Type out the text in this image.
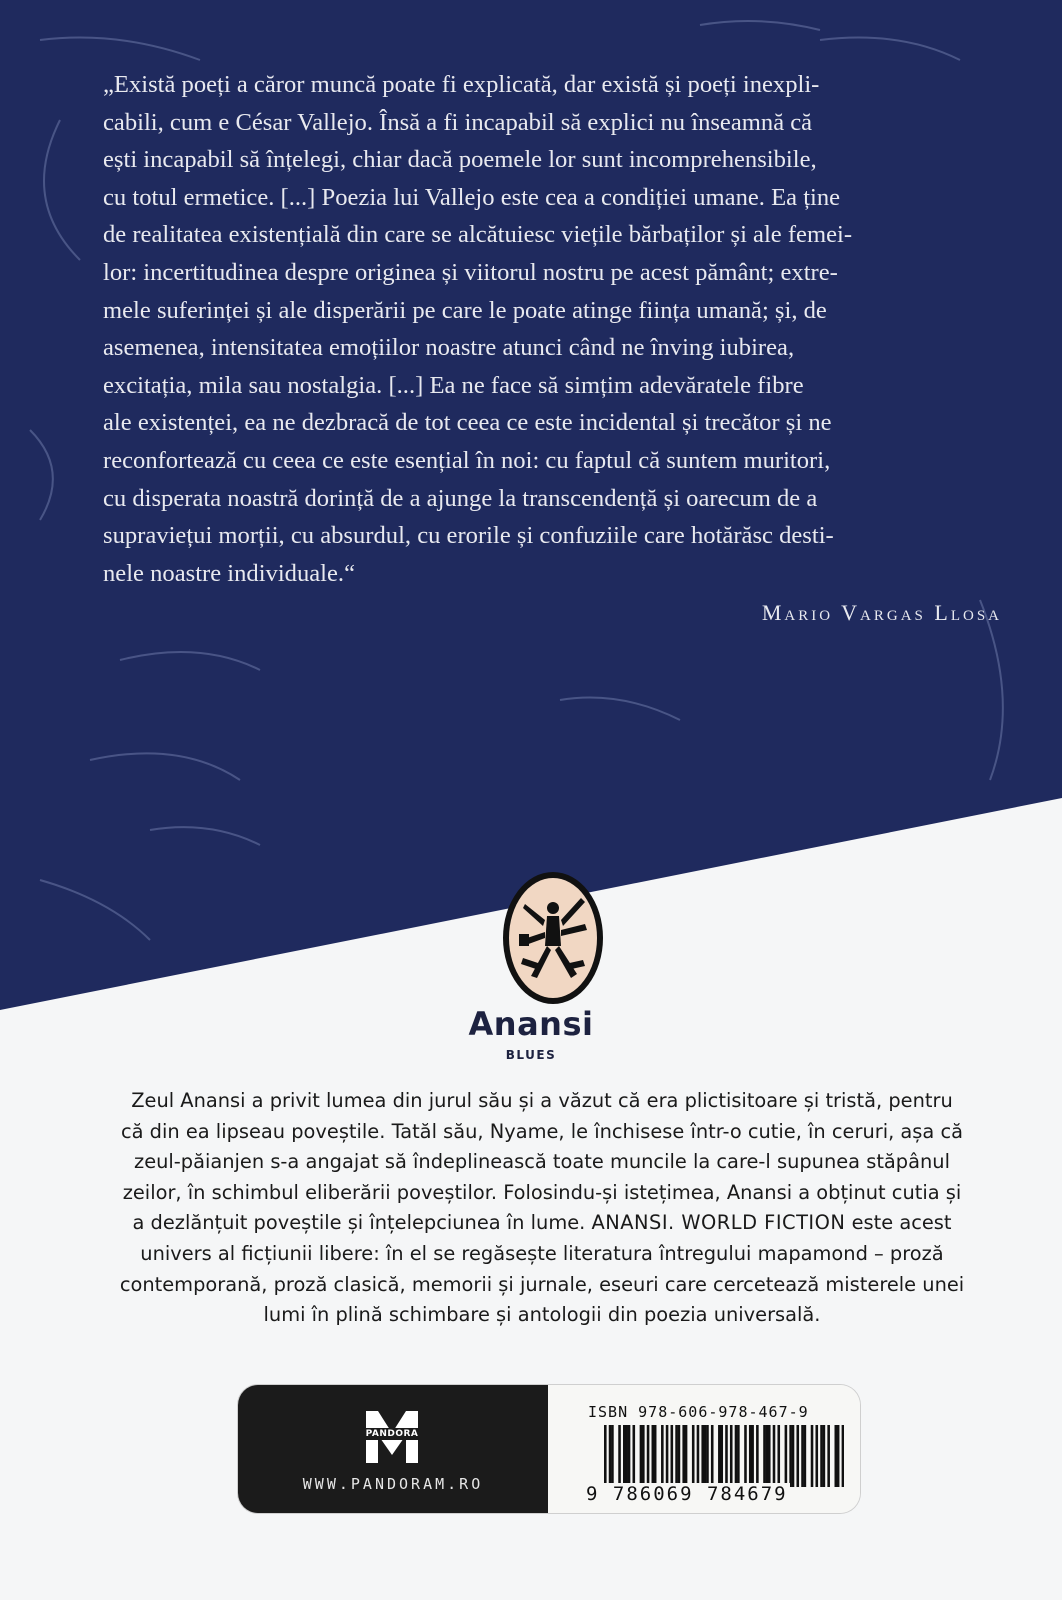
„Există poeți a căror muncă poate fi explicată, dar există și poeți inexpli-
cabili, cum e César Vallejo. Însă a fi incapabil să explici nu înseamnă că
ești incapabil să înțelegi, chiar dacă poemele lor sunt incomprehensibile,
cu totul ermetice. [...] Poezia lui Vallejo este cea a condiției umane. Ea ține
de realitatea existențială din care se alcătuiesc viețile bărbaților și ale femei-
lor: incertitudinea despre originea și viitorul nostru pe acest pământ; extre-
mele suferinței și ale disperării pe care le poate atinge ființa umană; și, de
asemenea, intensitatea emoțiilor noastre atunci când ne înving iubirea,
excitația, mila sau nostalgia. [...] Ea ne face să simțim adevăratele fibre
ale existenței, ea ne dezbracă de tot ceea ce este incidental și trecător și ne
reconfortează cu ceea ce este esențial în noi: cu faptul că suntem muritori,
cu disperata noastră dorință de a ajunge la transcendență și oarecum de a
supraviețui morții, cu absurdul, cu erorile și confuziile care hotărăsc desti-
nele noastre individuale.“
Mario Vargas Llosa
Anansi
BLUES
Zeul Anansi a privit lumea din jurul său și a văzut că era plictisitoare și tristă, pentru că din ea lipseau poveștile. Tatăl său, Nyame, le închisese într-o cutie, în ceruri, așa că zeul-păianjen s-a angajat să îndeplinească toate muncile la care-l supunea stăpânul zeilor, în schimbul eliberării poveștilor. Folosindu-și istețimea, Anansi a obținut cutia și a dezlănțuit poveștile și înțelepciunea în lume. ANANSI. WORLD FICTION este acest univers al ficțiunii libere: în el se regăsește literatura întregului mapamond – proză contemporană, proză clasică, memorii și jurnale, eseuri care cercetează misterele unei lumi în plină schimbare și antologii din poezia universală.
PANDORA
WWW.PANDORAM.RO
ISBN 978-606-978-467-9
9 786069 784679
